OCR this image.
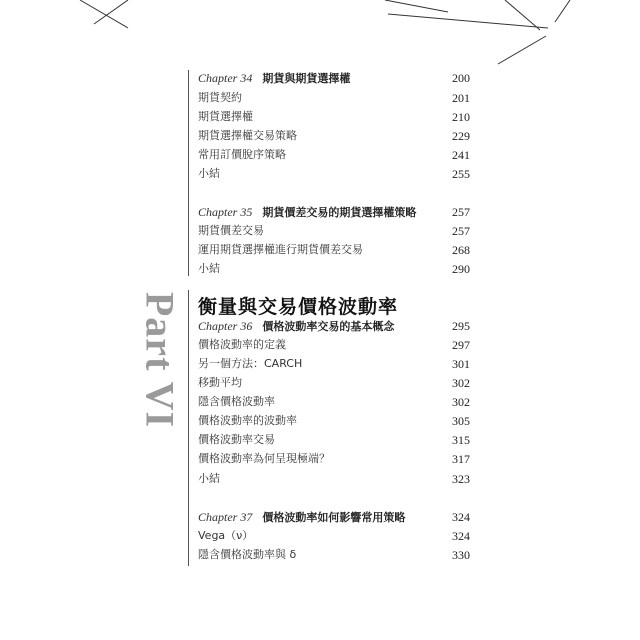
Part VI 衡量與交易價格波動率
Chapter 34 期貨與期貨選擇權	200
期貨契約	201
期貨選擇權	210
期貨選擇權交易策略	229
常用訂價脫序策略	241
小結	255
Chapter 35 期貨價差交易的期貨選擇權策略	257
期貨價差交易	257
運用期貨選擇權進行期貨價差交易	268
小結	290
Chapter 36 價格波動率交易的基本概念	295
價格波動率的定義	297
另一個方法：CARCH	301
移動平均	302
隱含價格波動率	302
價格波動率的波動率	305
價格波動率交易	315
價格波動率為何呈現極端？	317
小結	323
Chapter 37 價格波動率如何影響常用策略	324
Vega（ν）	324
隱含價格波動率與 δ	330
